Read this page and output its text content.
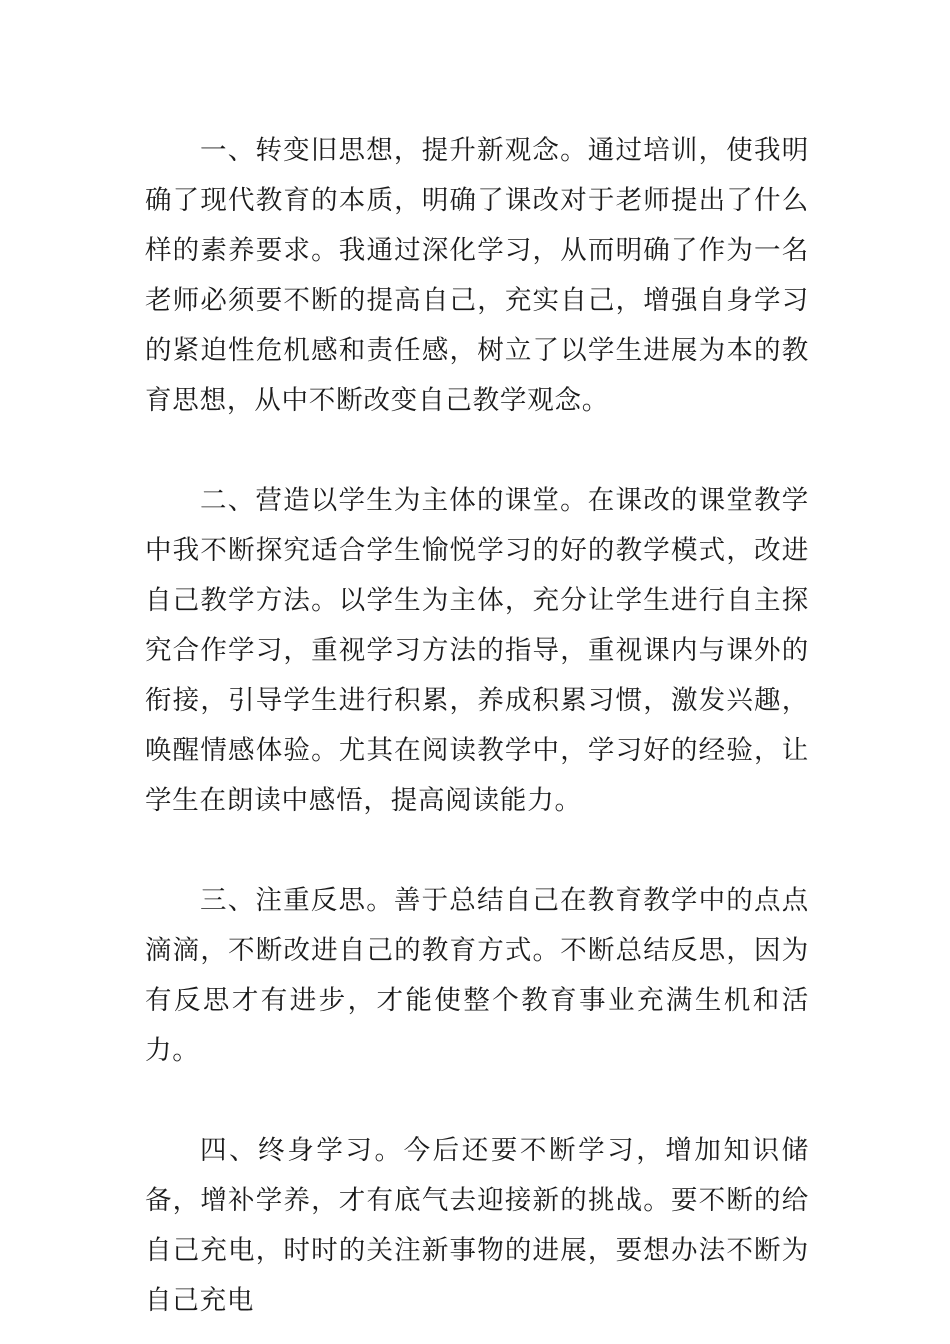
一、转变旧思想，提升新观念。通过培训，使我明确了现代教育的本质，明确了课改对于老师提出了什么样的素养要求。我通过深化学习，从而明确了作为一名老师必须要不断的提高自己，充实自己，增强自身学习的紧迫性危机感和责任感，树立了以学生进展为本的教育思想，从中不断改变自己教学观念。

二、营造以学生为主体的课堂。在课改的课堂教学中我不断探究适合学生愉悦学习的好的教学模式，改进自己教学方法。以学生为主体，充分让学生进行自主探究合作学习，重视学习方法的指导，重视课内与课外的衔接，引导学生进行积累，养成积累习惯，激发兴趣，唤醒情感体验。尤其在阅读教学中，学习好的经验，让学生在朗读中感悟，提高阅读能力。

三、注重反思。善于总结自己在教育教学中的点点滴滴，不断改进自己的教育方式。不断总结反思，因为有反思才有进步，才能使整个教育事业充满生机和活力。

四、终身学习。今后还要不断学习，增加知识储备，增补学养，才有底气去迎接新的挑战。要不断的给自己充电，时时的关注新事物的进展，要想办法不断为自己充电
